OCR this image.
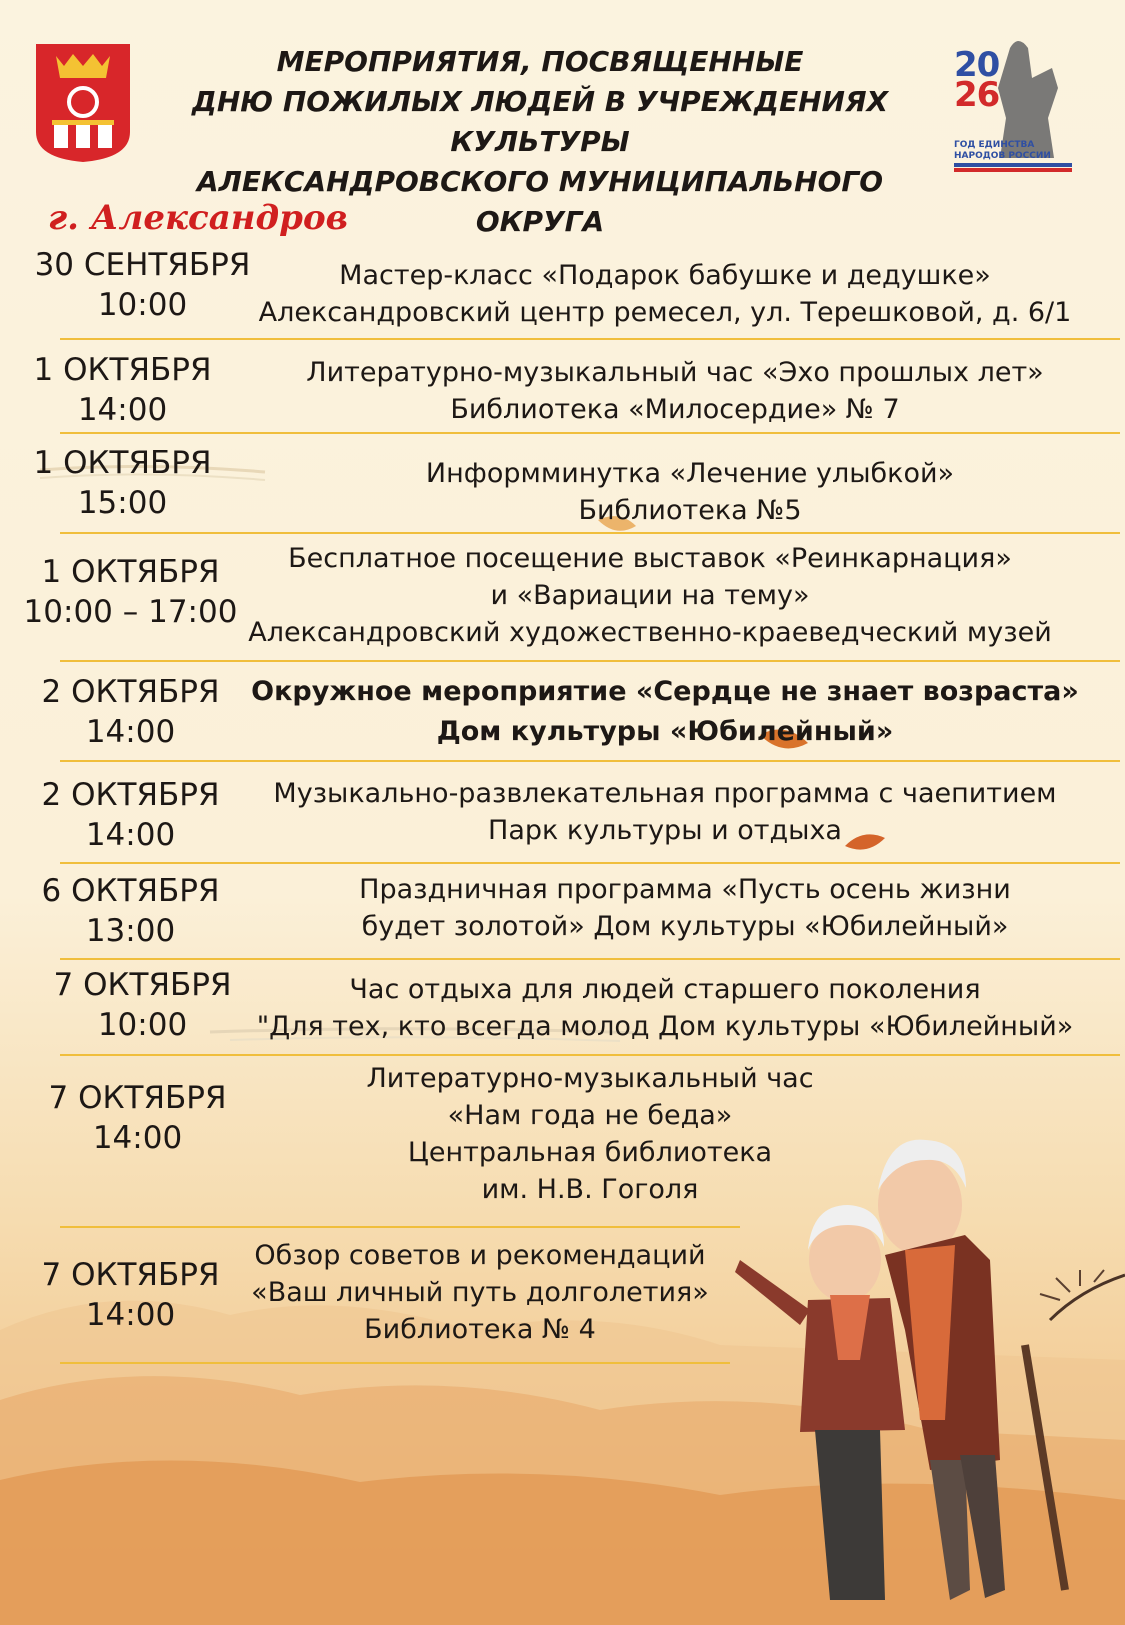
20
26
ГОД ЕДИНСТВА
НАРОДОВ РОССИИ
МЕРОПРИЯТИЯ, ПОСВЯЩЕННЫЕ
ДНЮ ПОЖИЛЫХ ЛЮДЕЙ В УЧРЕЖДЕНИЯХ КУЛЬТУРЫ
АЛЕКСАНДРОВСКОГО МУНИЦИПАЛЬНОГО ОКРУГА
г. Александров
30 СЕНТЯБРЯ
10:00
Мастер-класс «Подарок бабушке и дедушке»
Александровский центр ремесел, ул. Терешковой, д. 6/1
1 ОКТЯБРЯ
14:00
Литературно-музыкальный час «Эхо прошлых лет»
Библиотека «Милосердие» № 7
1 ОКТЯБРЯ
15:00
Информминутка «Лечение улыбкой»
Библиотека №5
1 ОКТЯБРЯ
10:00 – 17:00
Бесплатное посещение выставок «Реинкарнация»
и «Вариации на тему»
Александровский художественно-краеведческий музей
2 ОКТЯБРЯ
14:00
Окружное мероприятие «Сердце не знает возраста»
Дом культуры «Юбилейный»
2 ОКТЯБРЯ
14:00
Музыкально-развлекательная программа с чаепитием
Парк культуры и отдыха
6 ОКТЯБРЯ
13:00
Праздничная программа «Пусть осень жизни
будет золотой» Дом культуры «Юбилейный»
7 ОКТЯБРЯ
10:00
Час отдыха для людей старшего поколения
"Для тех, кто всегда молод Дом культуры «Юбилейный»
7 ОКТЯБРЯ
14:00
Литературно-музыкальный час
«Нам года не беда»
Центральная библиотека
им. Н.В. Гоголя
7 ОКТЯБРЯ
14:00
Обзор советов и рекомендаций
«Ваш личный путь долголетия»
Библиотека № 4
